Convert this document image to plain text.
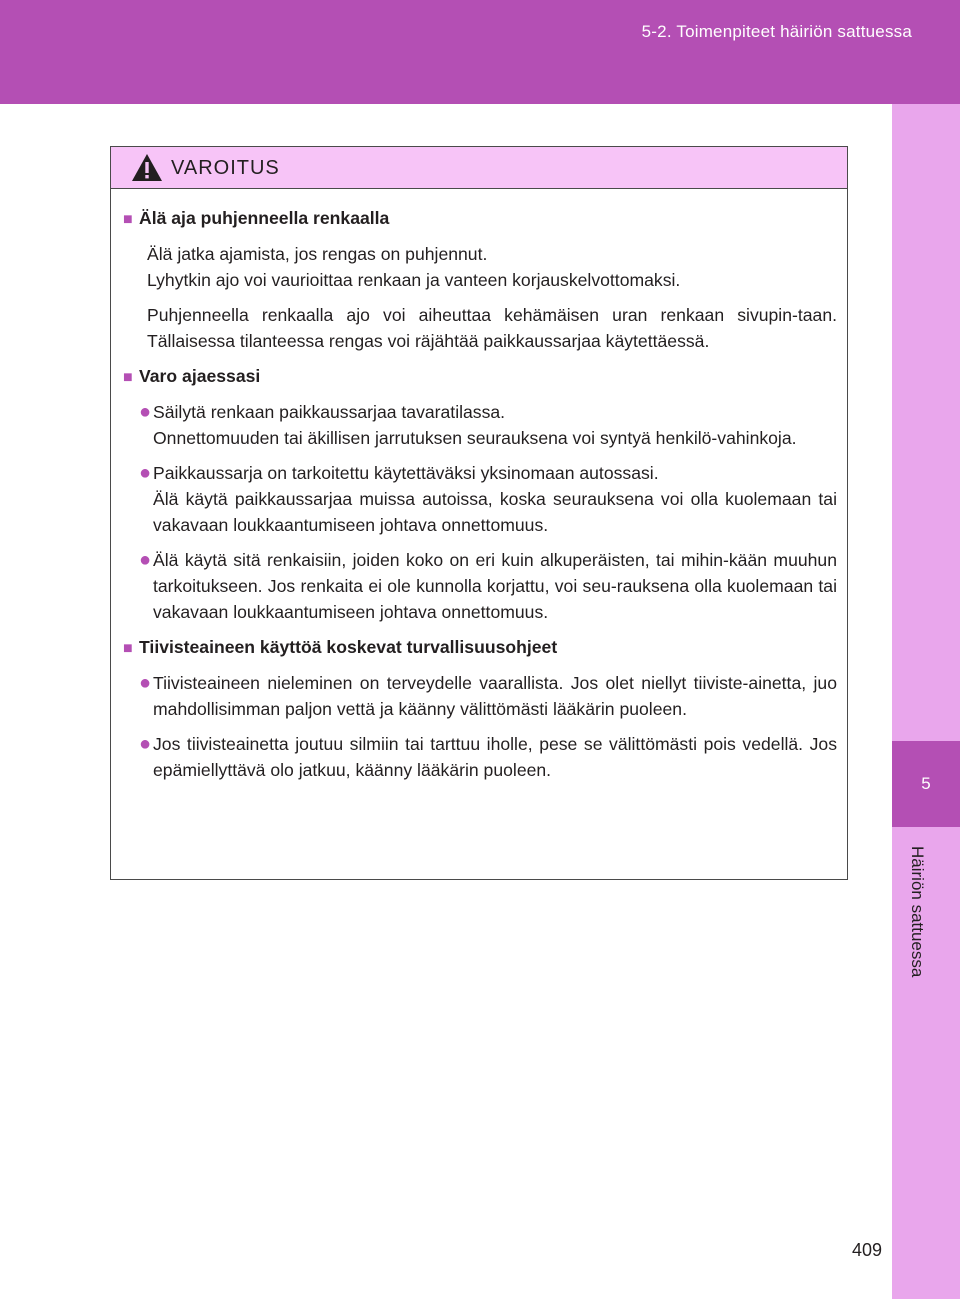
5-2. Toimenpiteet häiriön sattuessa
5
Häiriön sattuessa
409
VAROITUS
■ Älä aja puhjenneella renkaalla
Älä jatka ajamista, jos rengas on puhjennut.
Lyhytkin ajo voi vaurioittaa renkaan ja vanteen korjauskelvottomaksi.
Puhjenneella renkaalla ajo voi aiheuttaa kehämäisen uran renkaan sivupin-taan. Tällaisessa tilanteessa rengas voi räjähtää paikkaussarjaa käytettäessä.
■ Varo ajaessasi
● Säilytä renkaan paikkaussarjaa tavaratilassa.
Onnettomuuden tai äkillisen jarrutuksen seurauksena voi syntyä henkilö-vahinkoja.
● Paikkaussarja on tarkoitettu käytettäväksi yksinomaan autossasi.
Älä käytä paikkaussarjaa muissa autoissa, koska seurauksena voi olla kuolemaan tai vakavaan loukkaantumiseen johtava onnettomuus.
● Älä käytä sitä renkaisiin, joiden koko on eri kuin alkuperäisten, tai mihin-kään muuhun tarkoitukseen. Jos renkaita ei ole kunnolla korjattu, voi seu-rauksena olla kuolemaan tai vakavaan loukkaantumiseen johtava onnettomuus.
■ Tiivisteaineen käyttöä koskevat turvallisuusohjeet
● Tiivisteaineen nieleminen on terveydelle vaarallista. Jos olet niellyt tiiviste-ainetta, juo mahdollisimman paljon vettä ja käänny välittömästi lääkärin puoleen.
● Jos tiivisteainetta joutuu silmiin tai tarttuu iholle, pese se välittömästi pois vedellä. Jos epämiellyttävä olo jatkuu, käänny lääkärin puoleen.
